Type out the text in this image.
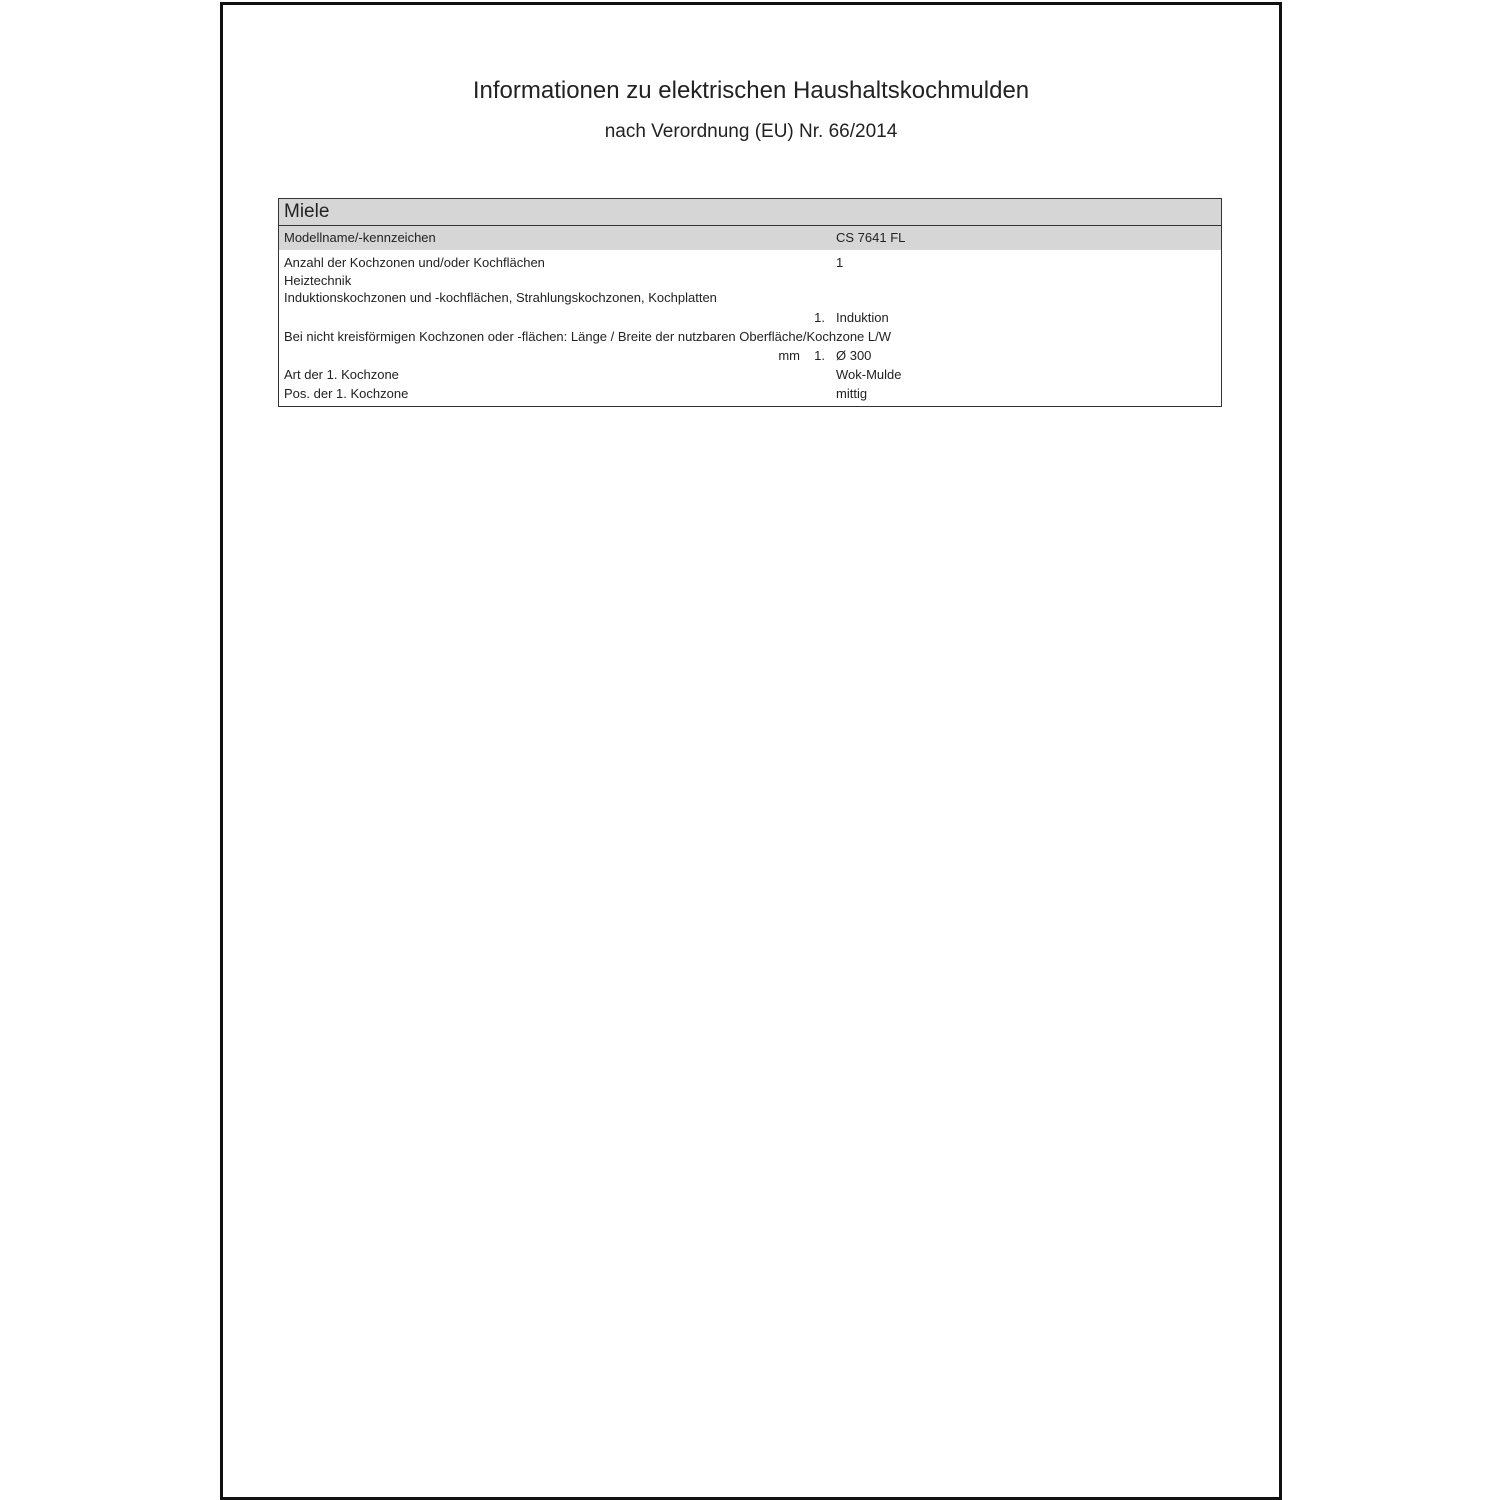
Informationen zu elektrischen Haushaltskochmulden
nach Verordnung (EU) Nr. 66/2014
Miele
Modellname/-kennzeichen	CS 7641 FL
Anzahl der Kochzonen und/oder Kochflächen	1
Heiztechnik
Induktionskochzonen und -kochflächen, Strahlungskochzonen, Kochplatten
1. Induktion
Bei nicht kreisförmigen Kochzonen oder -flächen: Länge / Breite der nutzbaren Oberfläche/Kochzone L/W
mm 1. Ø 300
Art der 1. Kochzone	Wok-Mulde
Pos. der 1. Kochzone	mittig
